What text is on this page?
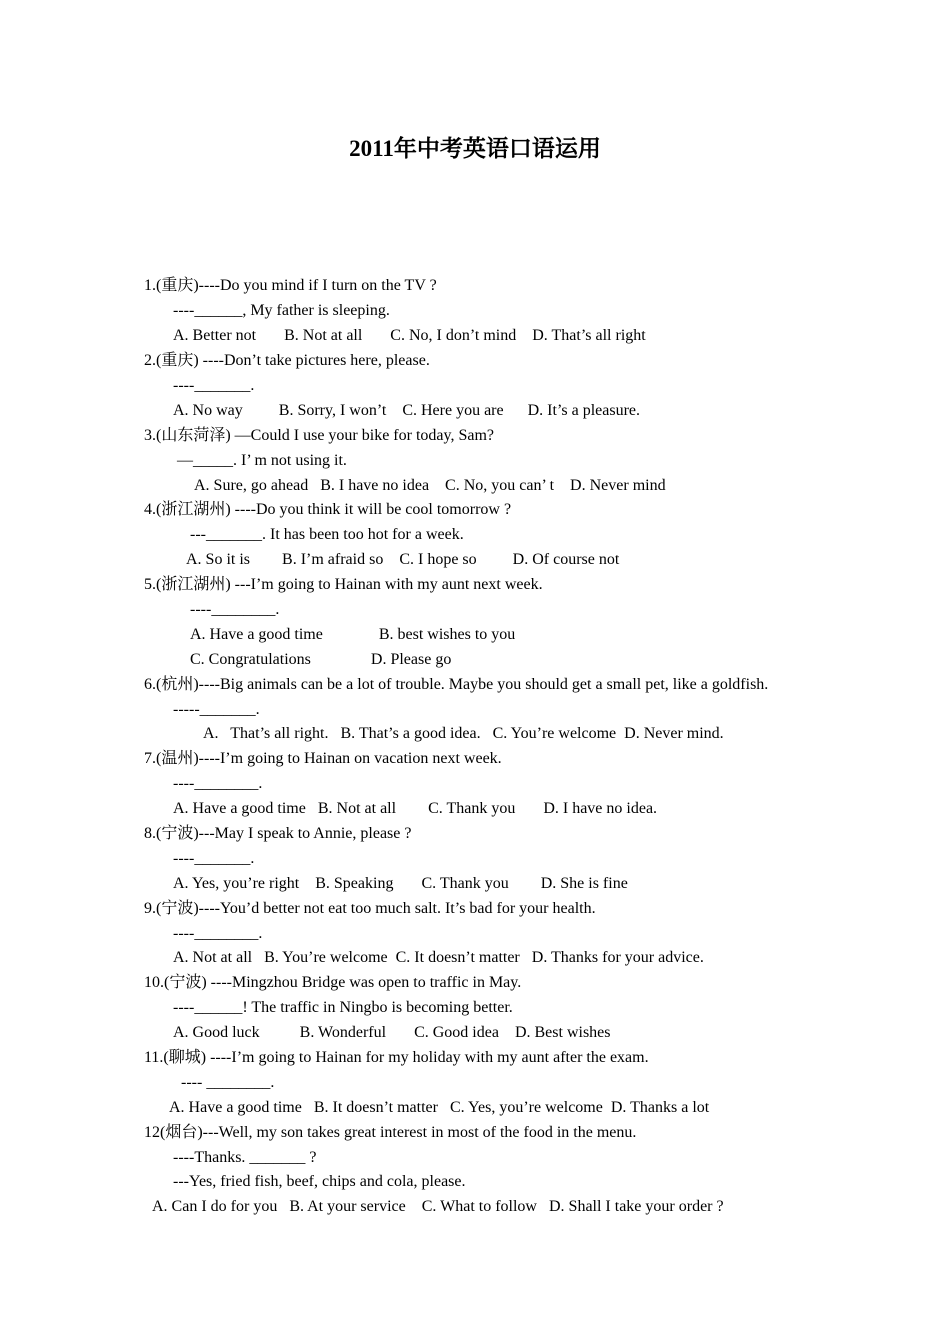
2011年中考英语口语运用
1.(重庆)----Do you mind if I turn on the TV ?
----______, My father is sleeping.
A. Better not       B. Not at all       C. No, I don’t mind    D. That’s all right
2.(重庆) ----Don’t take pictures here, please.
----_______.
A. No way         B. Sorry, I won’t    C. Here you are      D. It’s a pleasure.
3.(山东菏泽) —Could I use your bike for today, Sam?
—_____. I’ m not using it.
A. Sure, go ahead   B. I have no idea    C. No, you can’ t    D. Never mind
4.(浙江湖州) ----Do you think it will be cool tomorrow ?
---_______. It has been too hot for a week.
A. So it is        B. I’m afraid so    C. I hope so         D. Of course not
5.(浙江湖州) ---I’m going to Hainan with my aunt next week.
----________.
A. Have a good time              B. best wishes to you
C. Congratulations               D. Please go
6.(杭州)----Big animals can be a lot of trouble. Maybe you should get a small pet, like a goldfish.
-----_______.
A.   That’s all right.   B. That’s a good idea.   C. You’re welcome  D. Never mind.
7.(温州)----I’m going to Hainan on vacation next week.
----________.
A. Have a good time   B. Not at all        C. Thank you       D. I have no idea.
8.(宁波)---May I speak to Annie, please ?
----_______.
A. Yes, you’re right    B. Speaking       C. Thank you        D. She is fine
9.(宁波)----You’d better not eat too much salt. It’s bad for your health.
----________.
A. Not at all   B. You’re welcome  C. It doesn’t matter   D. Thanks for your advice.
10.(宁波) ----Mingzhou Bridge was open to traffic in May.
----______! The traffic in Ningbo is becoming better.
A. Good luck          B. Wonderful       C. Good idea    D. Best wishes
11.(聊城) ----I’m going to Hainan for my holiday with my aunt after the exam.
---- ________.
A. Have a good time   B. It doesn’t matter   C. Yes, you’re welcome  D. Thanks a lot
12(烟台)---Well, my son takes great interest in most of the food in the menu.
----Thanks. _______ ?
---Yes, fried fish, beef, chips and cola, please.
A. Can I do for you   B. At your service    C. What to follow   D. Shall I take your order ?
